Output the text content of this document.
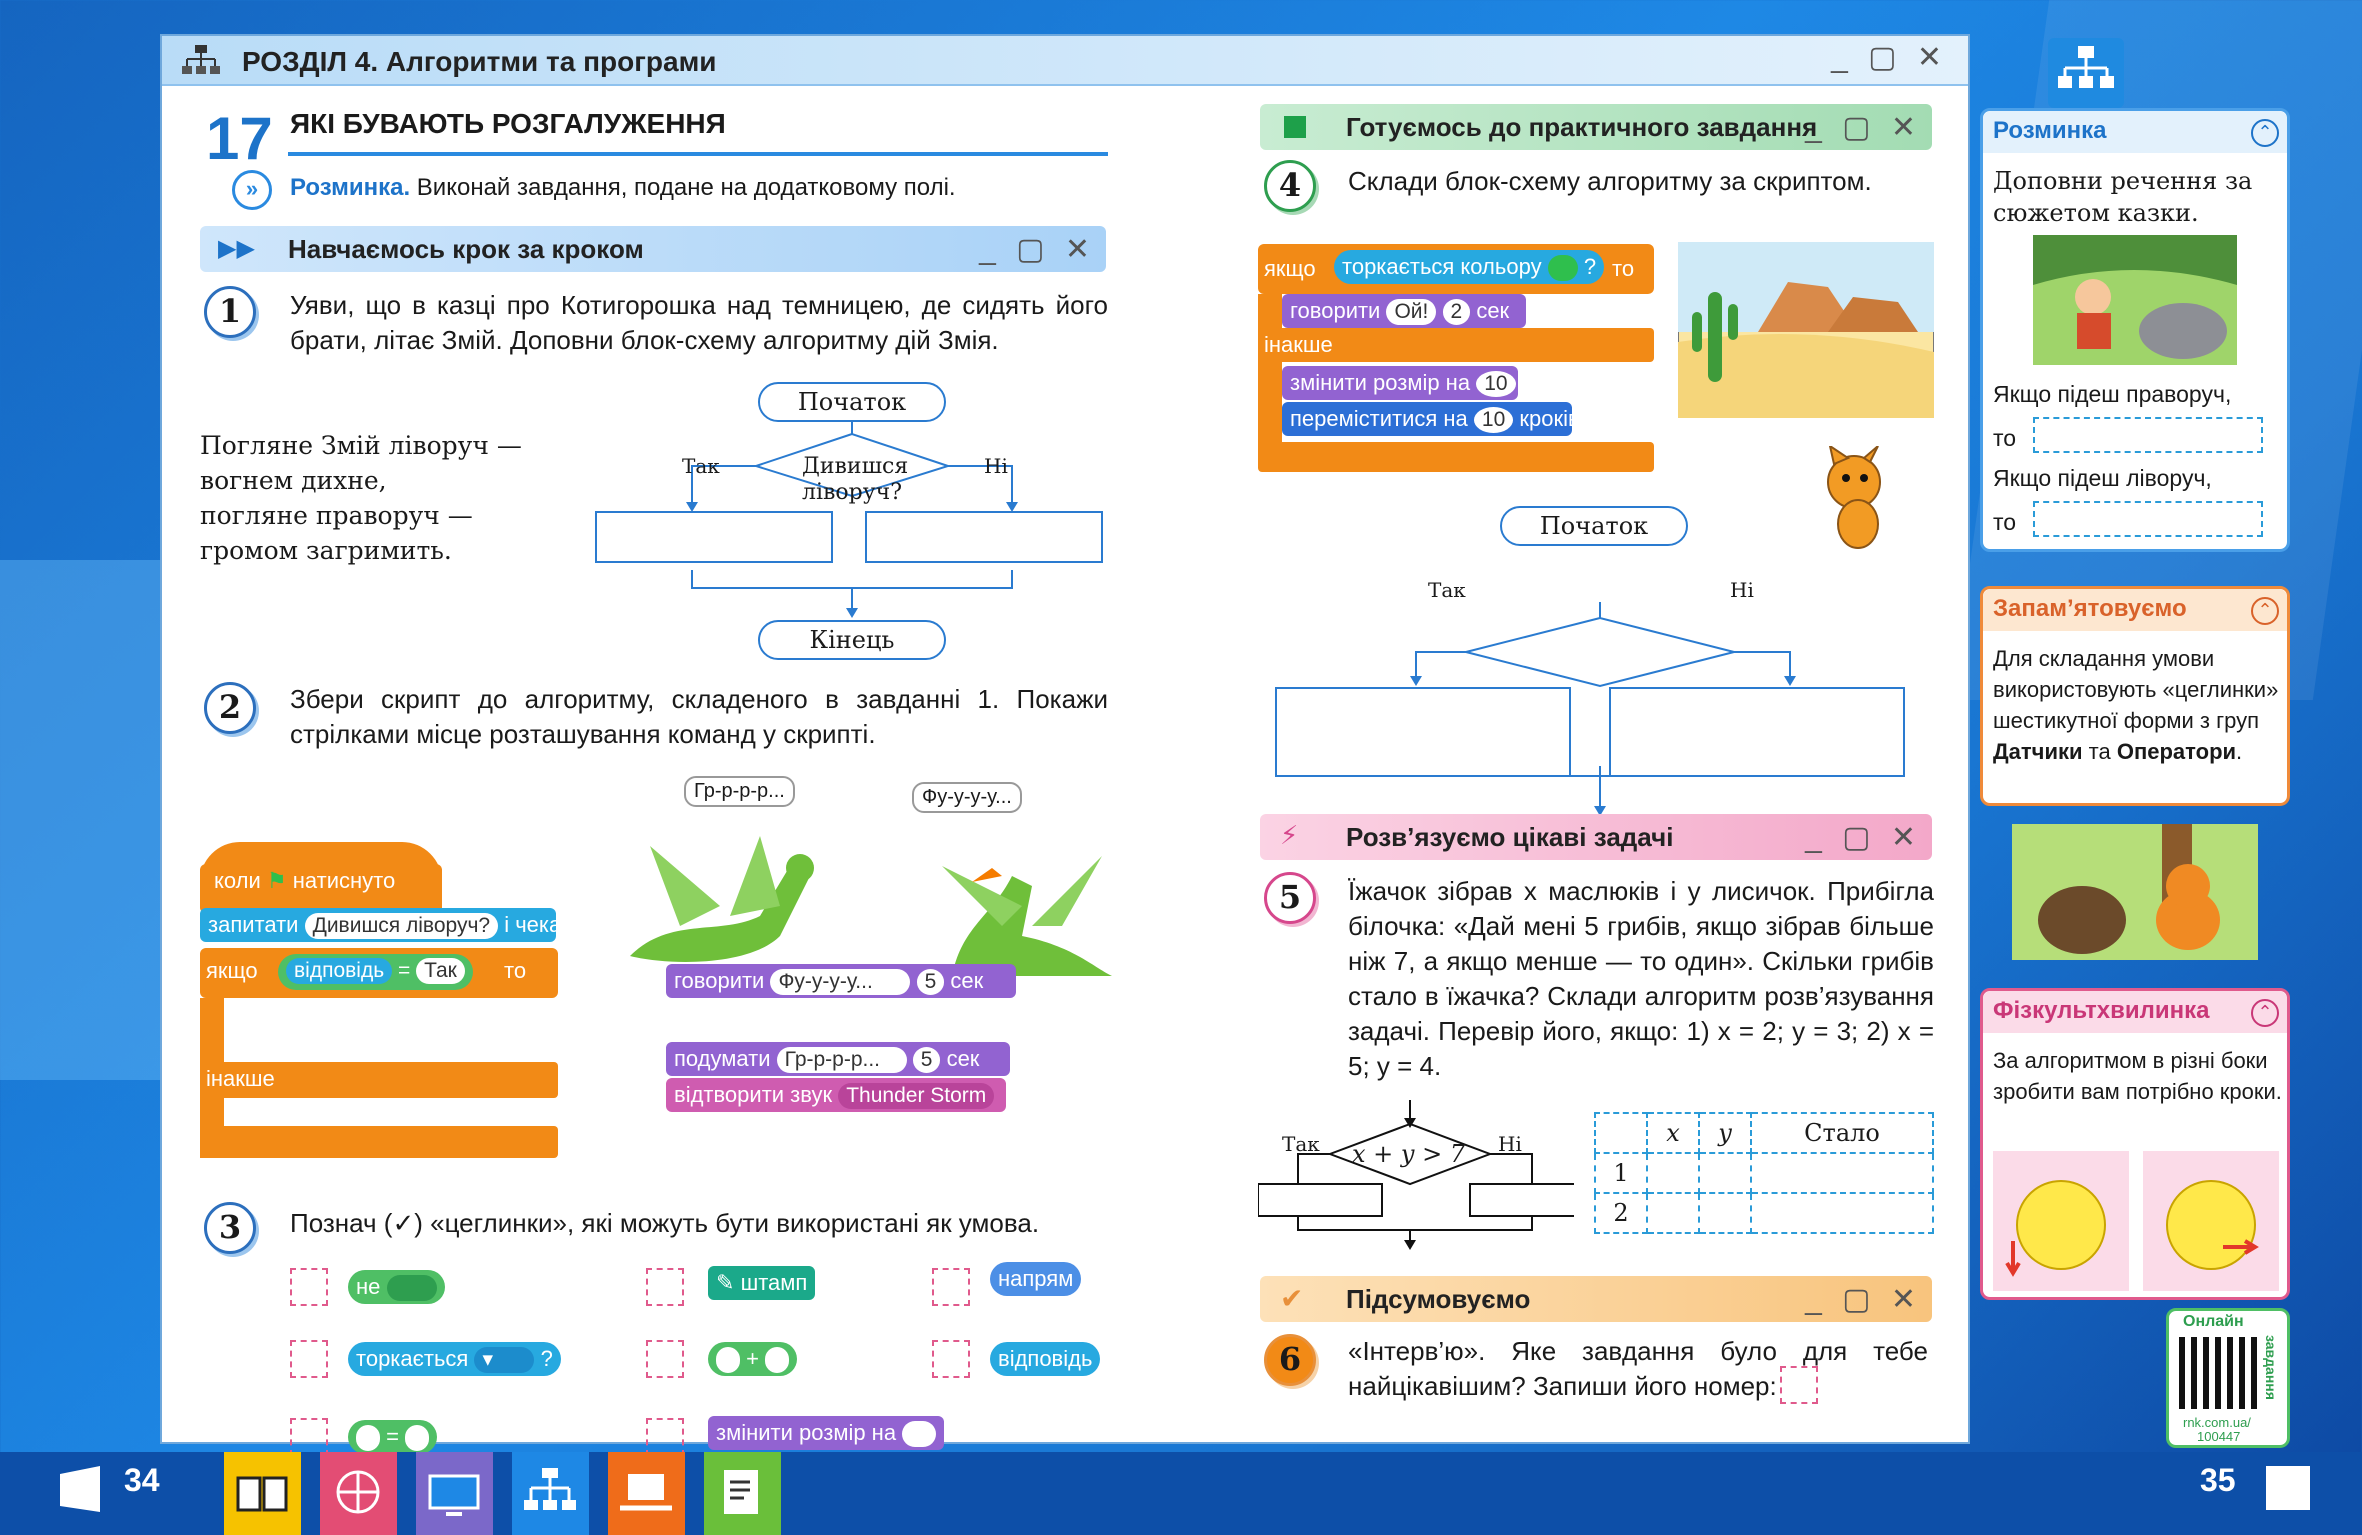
РОЗДІЛ 4. Алгоритми та програми	_ ▢ ✕
17 ЯКІ БУВАЮТЬ РОЗГАЛУЖЕННЯ
»	Розминка. Виконай завдання, подане на додатковому полі.
▶▶ Навчаємось крок за кроком	_ ▢ ✕
1	Уяви, що в казці про Котигорошка над темницею, де сидять його брати, літає Змій. Доповни блок-схему алгоритму дій Змія.
Погляне Змій ліворуч —
вогнем дихне,
погляне праворуч —
громом загримить.
Початок
Дивишся
ліворуч?
Так	Ні
Кінець
2	Збери скрипт до алгоритму, складеного в завданні 1. Покажи стрілками місце розташування команд у скрипті.
коли ⚑ натиснуто
запитати Дивишся ліворуч? і чекати
якщо	відповідь = Так	то
інакше
Гр-р-р-р...	Фу-у-у-у...
говорити Фу-у-у-у... 5 сек
подумати Гр-р-р-р... 5 сек
відтворити звук Thunder Storm
3	Познач (✓) «цеглинки», які можуть бути використані як умова.
не
торкається ▾ ?
=
✎ штамп
+
змінити розмір на
напрям
відповідь
Готуємось до практичного завдання
_ ▢ ✕
4	Склади блок-схему алгоритму за скриптом.
якщо	торкається кольору ? то
говорити Ой! 2 сек
інакше
змінити розмір на 10
переміститися на 10 кроків
Початок
Так	Ні
⚡ Розв’язуємо цікаві задачі	_ ▢ ✕
5	Їжачок зібрав x маслюків і y лисичок. Прибігла білочка: «Дай мені 5 грибів, якщо зібрав більше ніж 7, а якщо менше — то один». Скільки грибів стало в їжачка? Склади алгоритм розв’язування задачі. Перевір його, якщо: 1) x = 2; y = 3; 2) x = 5; y = 4.
x + y > 7
Так	Ні
		x	y	Стало
1			
2			
✔ Підсумовуємо	_ ▢ ✕
6	«Інтерв’ю». Яке завдання було для тебе найцікавішим? Запиши його номер:
Розминка	⌃
Доповни речення за сюжетом казки.
Якщо підеш праворуч,
то
Якщо підеш ліворуч,
то
Запам’ятовуємо	⌃
Для складання умови використовують «цеглинки» шестикутної форми з груп Датчики та Оператори.
Фізкультхвилинка	⌃
За алгоритмом в різні боки зробити вам потрібно кроки.
Онлайн
завдання
rnk.com.ua/
100447
34	35
